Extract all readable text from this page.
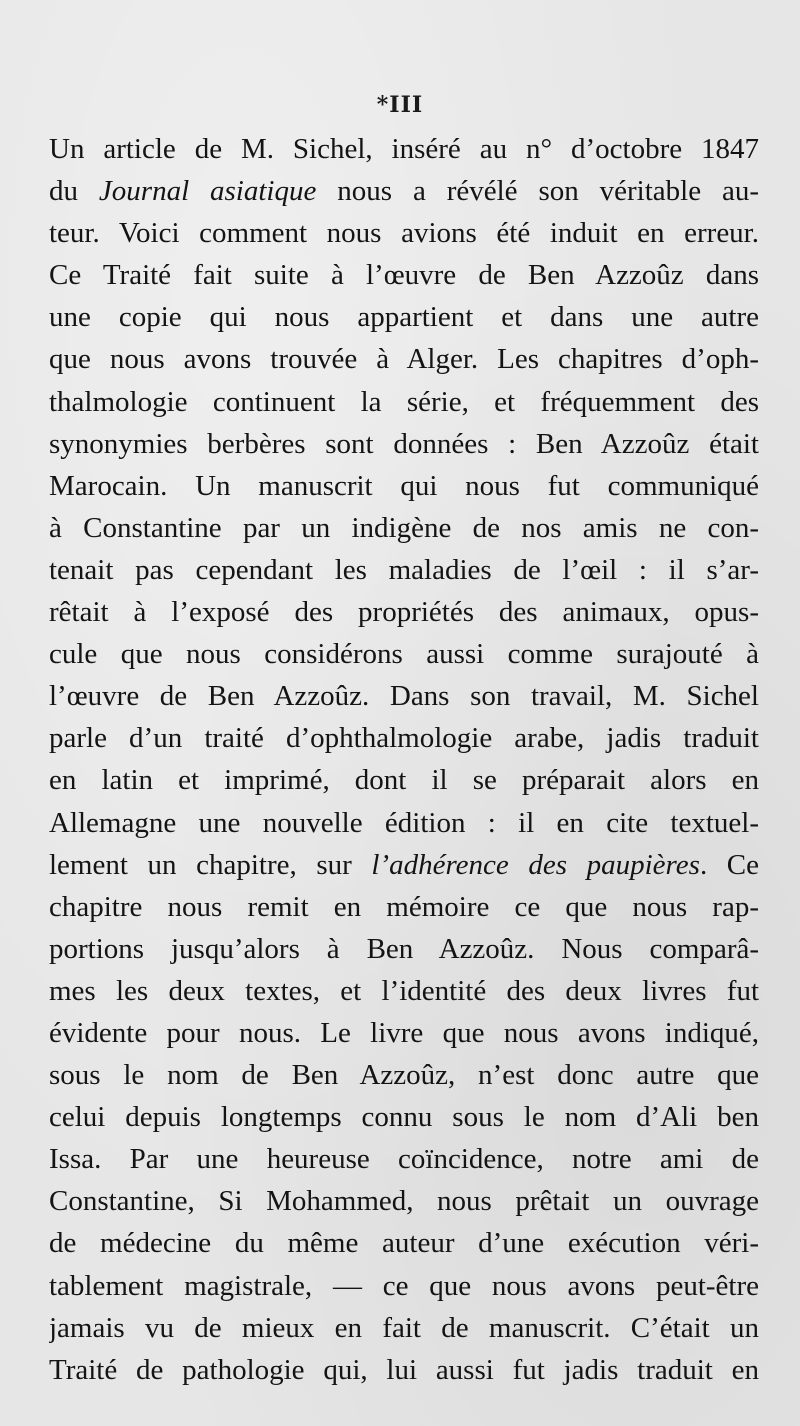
*III
Un article de M. Sichel, inséré au n° d’octobre 1847
du Journal asiatique nous a révélé son véritable au-
teur. Voici comment nous avions été induit en erreur.
Ce Traité fait suite à l’œuvre de Ben Azzoûz dans
une copie qui nous appartient et dans une autre
que nous avons trouvée à Alger. Les chapitres d’oph-
thalmologie continuent la série, et fréquemment des
synonymies berbères sont données : Ben Azzoûz était
Marocain. Un manuscrit qui nous fut communiqué
à Constantine par un indigène de nos amis ne con-
tenait pas cependant les maladies de l’œil : il s’ar-
rêtait à l’exposé des propriétés des animaux, opus-
cule que nous considérons aussi comme surajouté à
l’œuvre de Ben Azzoûz. Dans son travail, M. Sichel
parle d’un traité d’ophthalmologie arabe, jadis traduit
en latin et imprimé, dont il se préparait alors en
Allemagne une nouvelle édition : il en cite textuel-
lement un chapitre, sur l’adhérence des paupières. Ce
chapitre nous remit en mémoire ce que nous rap-
portions jusqu’alors à Ben Azzoûz. Nous comparâ-
mes les deux textes, et l’identité des deux livres fut
évidente pour nous. Le livre que nous avons indiqué,
sous le nom de Ben Azzoûz, n’est donc autre que
celui depuis longtemps connu sous le nom d’Ali ben
Issa. Par une heureuse coïncidence, notre ami de
Constantine, Si Mohammed, nous prêtait un ouvrage
de médecine du même auteur d’une exécution véri-
tablement magistrale, — ce que nous avons peut-être
jamais vu de mieux en fait de manuscrit. C’était un
Traité de pathologie qui, lui aussi fut jadis traduit en
